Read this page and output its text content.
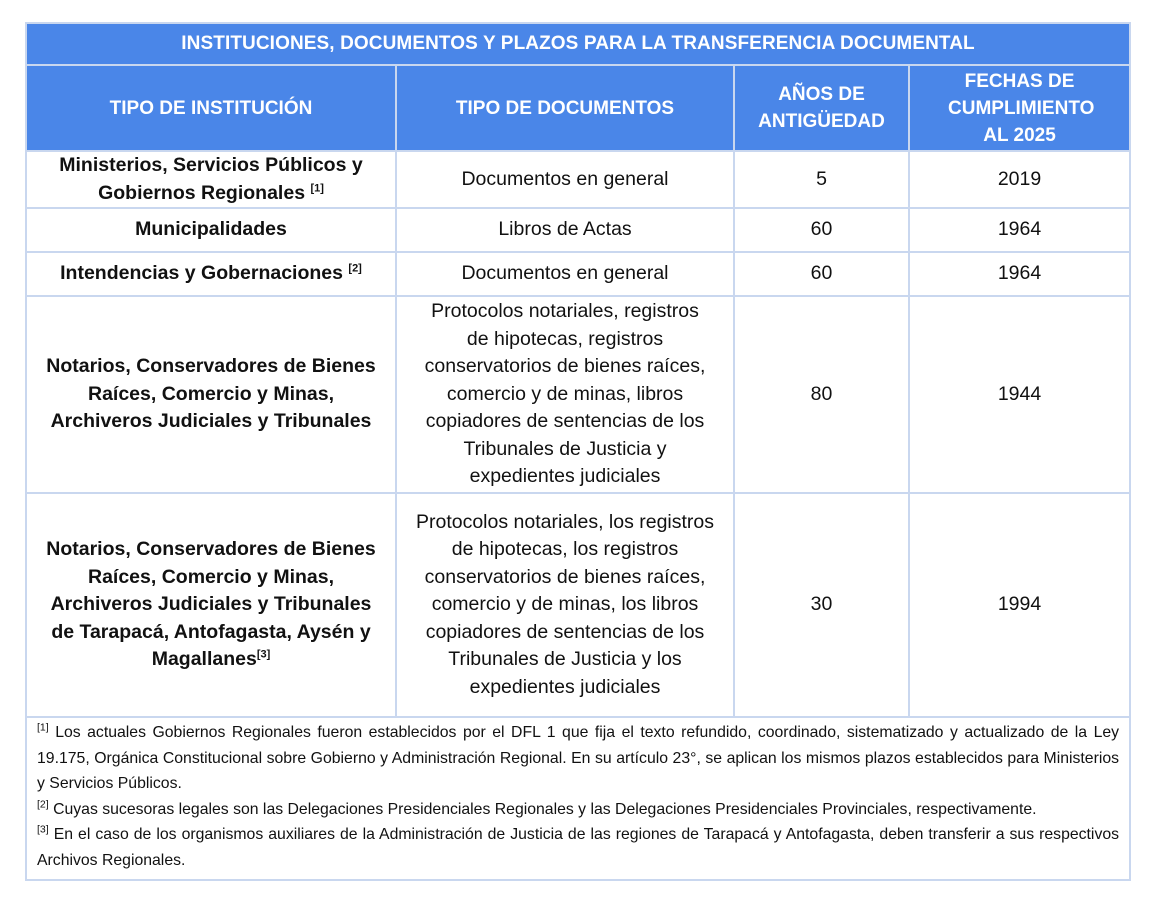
INSTITUCIONES, DOCUMENTOS Y PLAZOS PARA LA TRANSFERENCIA DOCUMENTAL			
TIPO DE INSTITUCIÓN	TIPO DE DOCUMENTOS	AÑOS DE ANTIGÜEDAD	FECHAS DE CUMPLIMIENTO AL 2025
Ministerios, Servicios Públicos y Gobiernos Regionales [1]	Documentos en general	5	2019
Municipalidades	Libros de Actas	60	1964
Intendencias y Gobernaciones [2]	Documentos en general	60	1964
Notarios, Conservadores de Bienes Raíces, Comercio y Minas, Archiveros Judiciales y Tribunales	Protocolos notariales, registros de hipotecas, registros conservatorios de bienes raíces, comercio y de minas, libros copiadores de sentencias de los Tribunales de Justicia y expedientes judiciales	80	1944
Notarios, Conservadores de Bienes Raíces, Comercio y Minas, Archiveros Judiciales y Tribunales de Tarapacá, Antofagasta, Aysén y Magallanes[3]	Protocolos notariales, los registros de hipotecas, los registros conservatorios de bienes raíces, comercio y de minas, los libros copiadores de sentencias de los Tribunales de Justicia y los expedientes judiciales	30	1994

[1] Los actuales Gobiernos Regionales fueron establecidos por el DFL 1 que fija el texto refundido, coordinado, sistematizado y actualizado de la Ley 19.175, Orgánica Constitucional sobre Gobierno y Administración Regional. En su artículo 23°, se aplican los mismos plazos establecidos para Ministerios y Servicios Públicos.

[2] Cuyas sucesoras legales son las Delegaciones Presidenciales Regionales y las Delegaciones Presidenciales Provinciales, respectivamente.

[3] En el caso de los organismos auxiliares de la Administración de Justicia de las regiones de Tarapacá y Antofagasta, deben transferir a sus respectivos Archivos Regionales.			
